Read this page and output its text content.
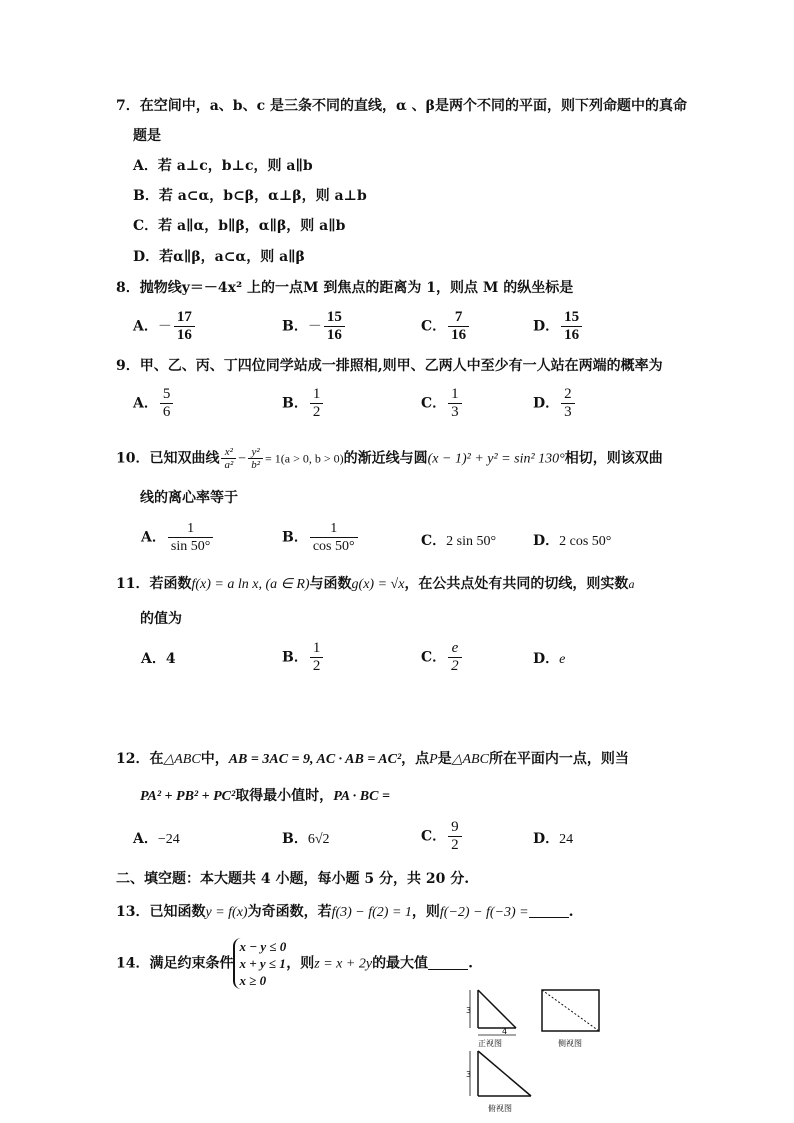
7．在空间中，a、b、c 是三条不同的直线，α 、β是两个不同的平面，则下列命题中的真命
题是
A．若 a⊥c，b⊥c，则 a∥b
B．若 a⊂α，b⊂β，α⊥β，则 a⊥b
C．若 a∥α，b∥β，α∥β，则 a∥b
D．若α∥β，a⊂α，则 a∥β
8．抛物线y＝－4x² 上的一点M 到焦点的距离为 1，则点 M 的纵坐标是
A．－ $\frac{17}{16}$	B．－ $\frac{15}{16}$	C． $\frac{7}{16}$	D． $\frac{15}{16}$
9．甲、乙、丙、丁四位同学站成一排照相,则甲、乙两人中至少有一人站在两端的概率为
A． $\frac{5}{6}$	B． $\frac{1}{2}$	C． $\frac{1}{3}$	D． $\frac{2}{3}$
10．已知双曲线 $\frac{\text{x²}}{\text{a²}} - \frac{\text{y²}}{\text{b²}} = 1(a > 0$, b > 0)的渐近线与圆(x − 1)² + y² = sin² 130°相切，则该双曲
线的离心率等于
A． $\frac{1}{\sin 50^\circ}$	B． $\frac{1}{\cos 50^\circ}$	C．2 sin 50°	D．2 cos 50°
11．若函数f(x) = a ln x, (a ∈ R)与函数g(x) = √x，在公共点处有共同的切线，则实数a
的值为
A．4	B． $\frac{1}{2}$	C． $\frac{e}{2}$	D．e
12．在△ABC中，AB = 3AC = 9, AC · AB = AC²，点P是△ABC所在平面内一点，则当
PA² + PB² + PC²取得最小值时，PA · BC =
A．−24	B．6√2	C． $\frac{9}{2}$	D．24
二、填空题：本大题共 4 小题，每小题 5 分，共 20 分.
13．已知函数y = f(x)为奇函数，若f(3) − f(2) = 1，则f(−2) − f(−3) =	.
14．满足约束条件
x − y ≤ 0
x + y ≤ 1
x ≥ 0
，则z = x + 2y的最大值	.
3
4
正视图	侧视图
3
俯视图
